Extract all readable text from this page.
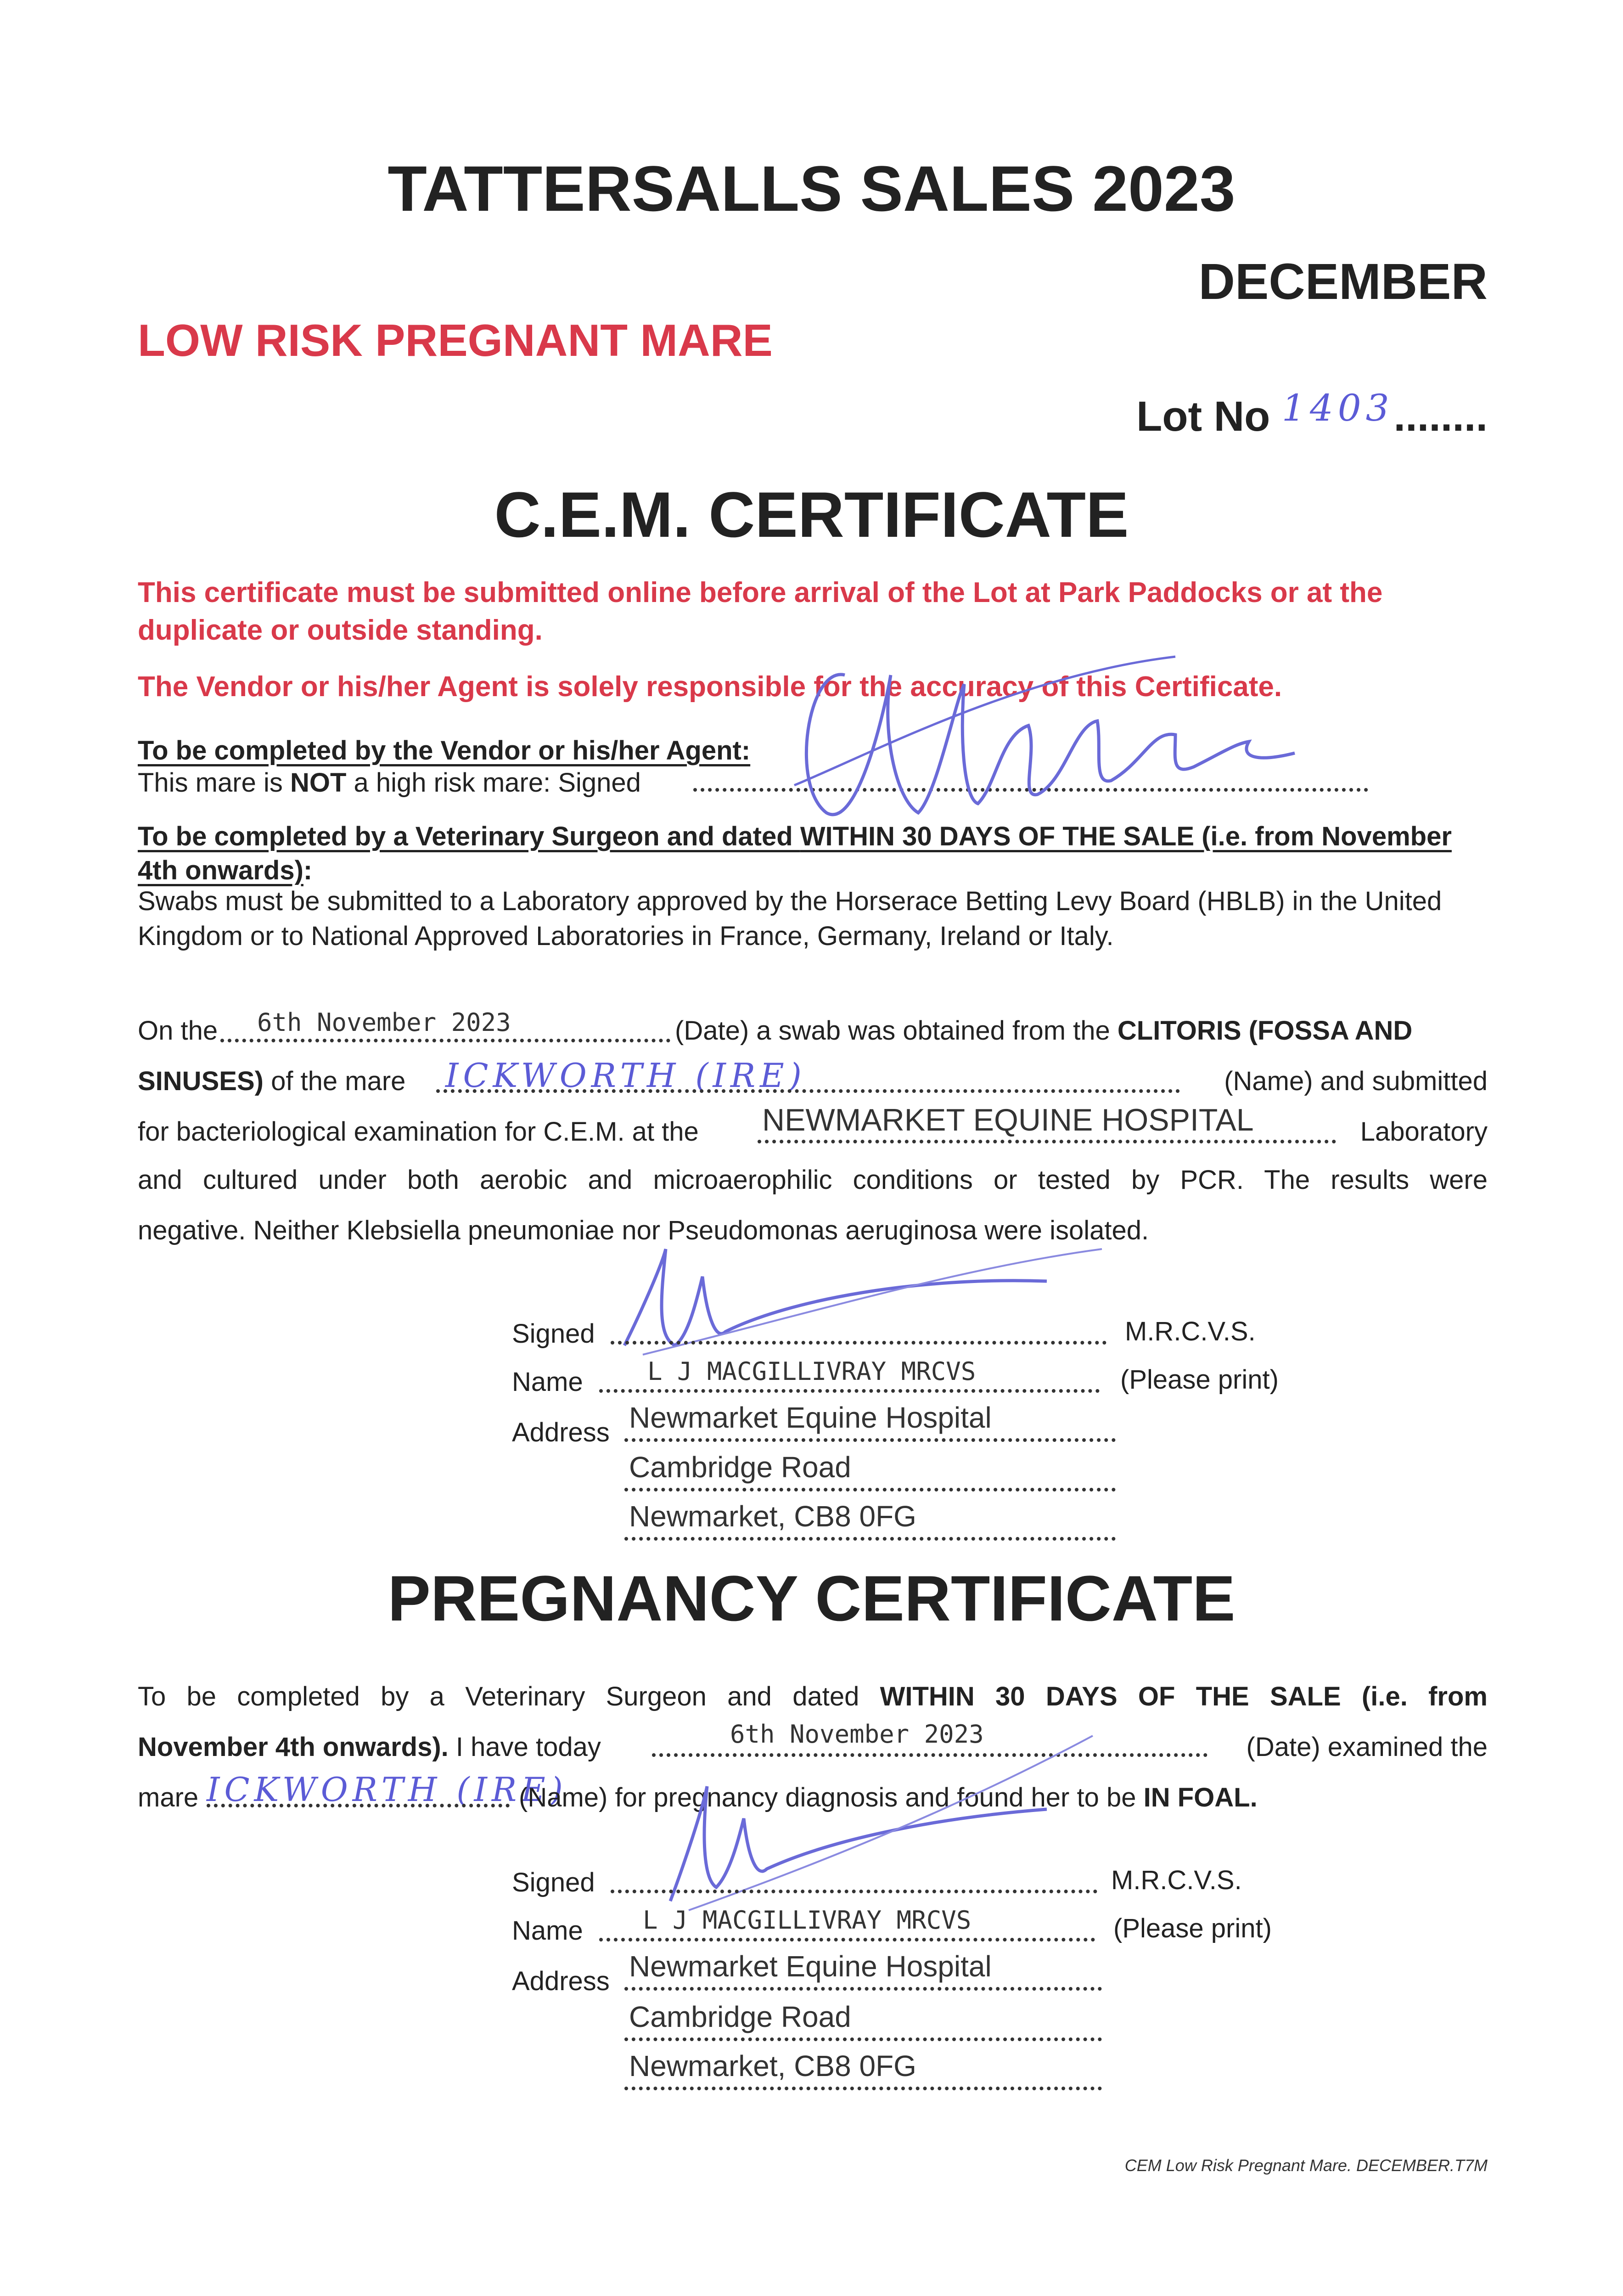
TATTERSALLS SALES 2023
DECEMBER
LOW RISK PREGNANT MARE
Lot No 1403........
C.E.M. CERTIFICATE
This certificate must be submitted online before arrival of the Lot at Park Paddocks or at the duplicate or outside standing.
The Vendor or his/her Agent is solely responsible for the accuracy of this Certificate.
To be completed by the Vendor or his/her Agent:
This mare is NOT a high risk mare: Signed
To be completed by a Veterinary Surgeon and dated WITHIN 30 DAYS OF THE SALE (i.e. from November 4th onwards):
Swabs must be submitted to a Laboratory approved by the Horserace Betting Levy Board (HBLB) in the United Kingdom or to National Approved Laboratories in France, Germany, Ireland or Italy.
On the 6th November 2023	(Date) a swab was obtained from the CLITORIS (FOSSA AND
SINUSES) of the mare ICKWORTH (IRE)	(Name) and submitted
for bacteriological examination for C.E.M. at the NEWMARKET EQUINE HOSPITAL	Laboratory
and cultured under both aerobic and microaerophilic conditions or tested by PCR. The results were
negative. Neither Klebsiella pneumoniae nor Pseudomonas aeruginosa were isolated.
Signed	M.R.C.V.S.
Name	L J MACGILLIVRAY MRCVS	(Please print)
Address Newmarket Equine Hospital
Cambridge Road
Newmarket, CB8 0FG
PREGNANCY CERTIFICATE
To be completed by a Veterinary Surgeon and dated WITHIN 30 DAYS OF THE SALE (i.e. from
November 4th onwards). I have today	6th November 2023	(Date) examined the
mare ICKWORTH (IRE)
(Name) for pregnancy diagnosis and found her to be IN FOAL.
Signed	M.R.C.V.S.
Name L J MACGILLIVRAY MRCVS	(Please print)
Address Newmarket Equine Hospital
Cambridge Road
Newmarket, CB8 0FG
CEM Low Risk Pregnant Mare. DECEMBER.T7M
